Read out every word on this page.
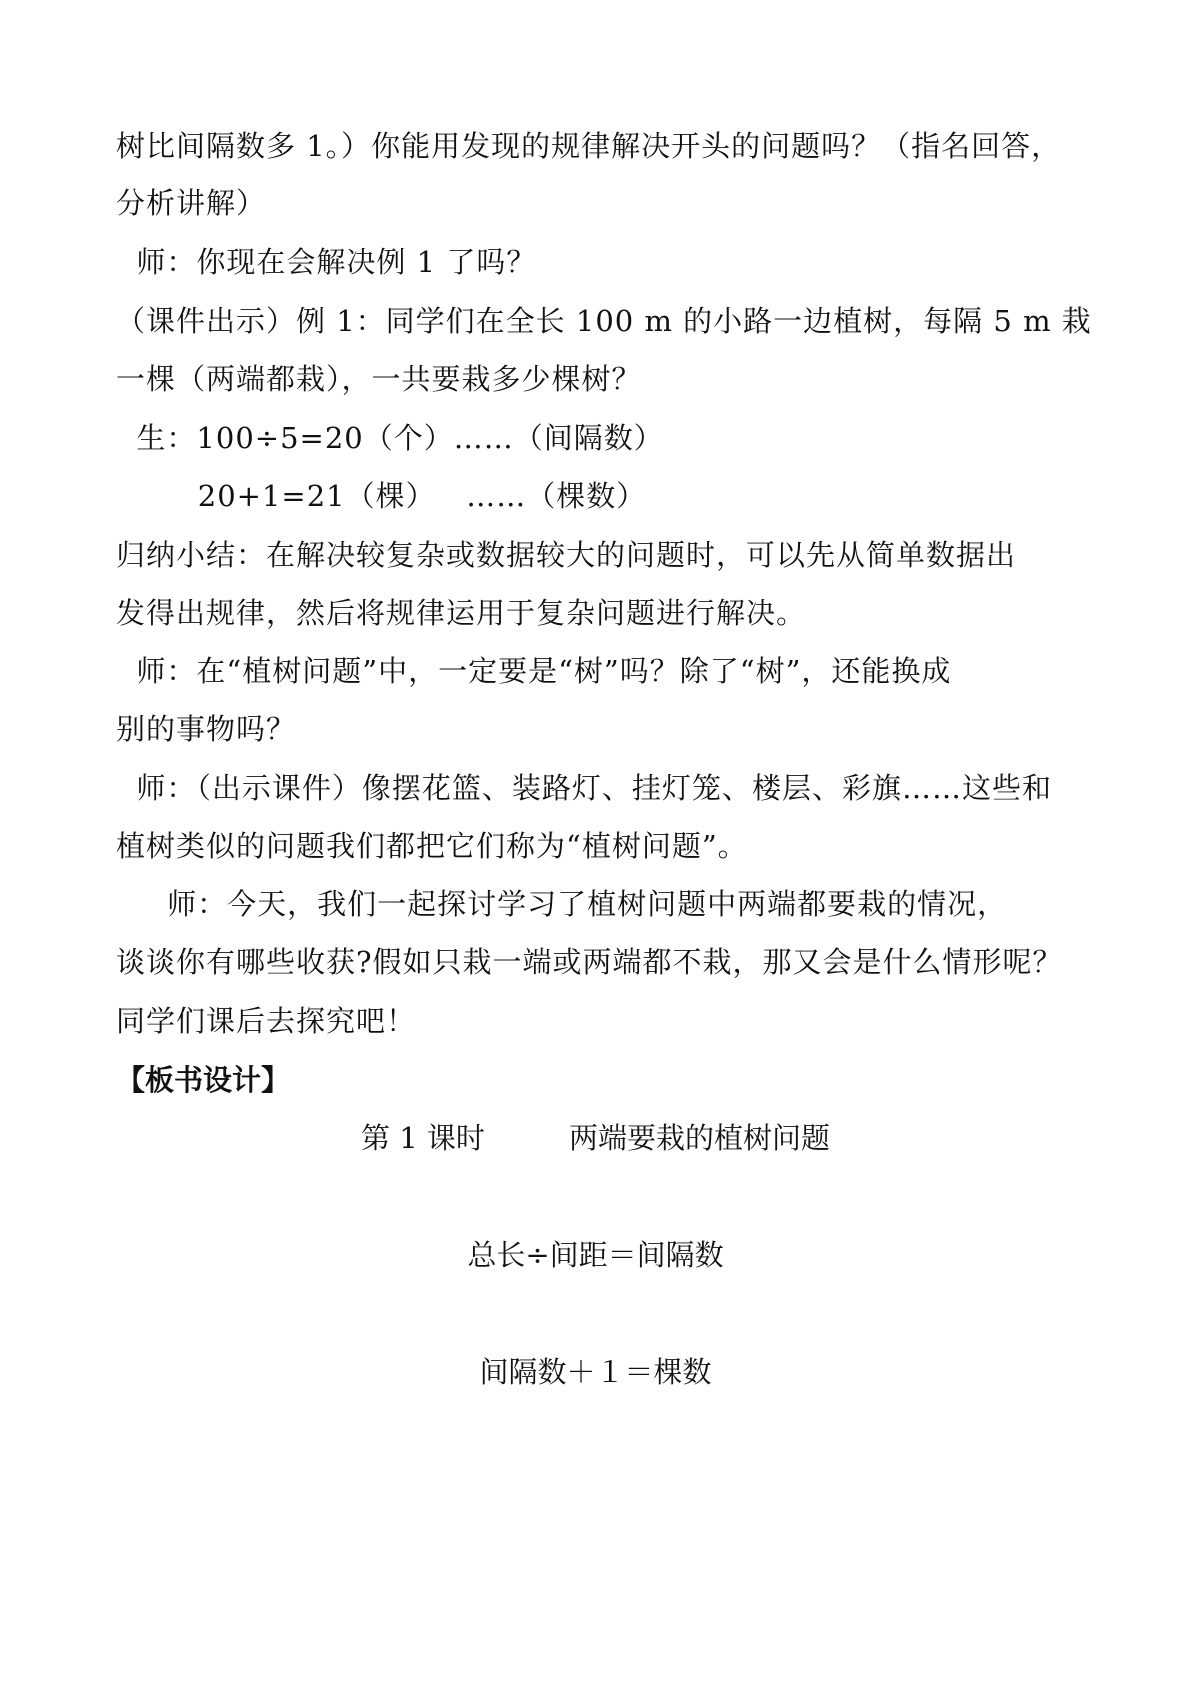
树比间隔数多 1。）你能用发现的规律解决开头的问题吗？（指名回答，
分析讲解）
师：你现在会解决例 1 了吗？
（课件出示）例 1：同学们在全长 100 m 的小路一边植树，每隔 5 m 栽
一棵（两端都栽），一共要栽多少棵树？
生：100÷5=20（个）……（间隔数）
20+1=21（棵）   ……（棵数）
归纳小结：在解决较复杂或数据较大的问题时，可以先从简单数据出
发得出规律，然后将规律运用于复杂问题进行解决。
师：在“植树问题”中，一定要是“树”吗？除了“树”，还能换成
别的事物吗？
师：（出示课件）像摆花篮、装路灯、挂灯笼、楼层、彩旗……这些和
植树类似的问题我们都把它们称为“植树问题”。
师：今天，我们一起探讨学习了植树问题中两端都要栽的情况，
谈谈你有哪些收获?假如只栽一端或两端都不栽，那又会是什么情形呢？
同学们课后去探究吧！
【板书设计】
第 1 课时	两端要栽的植树问题
总长÷间距＝间隔数
间隔数＋１＝棵数
